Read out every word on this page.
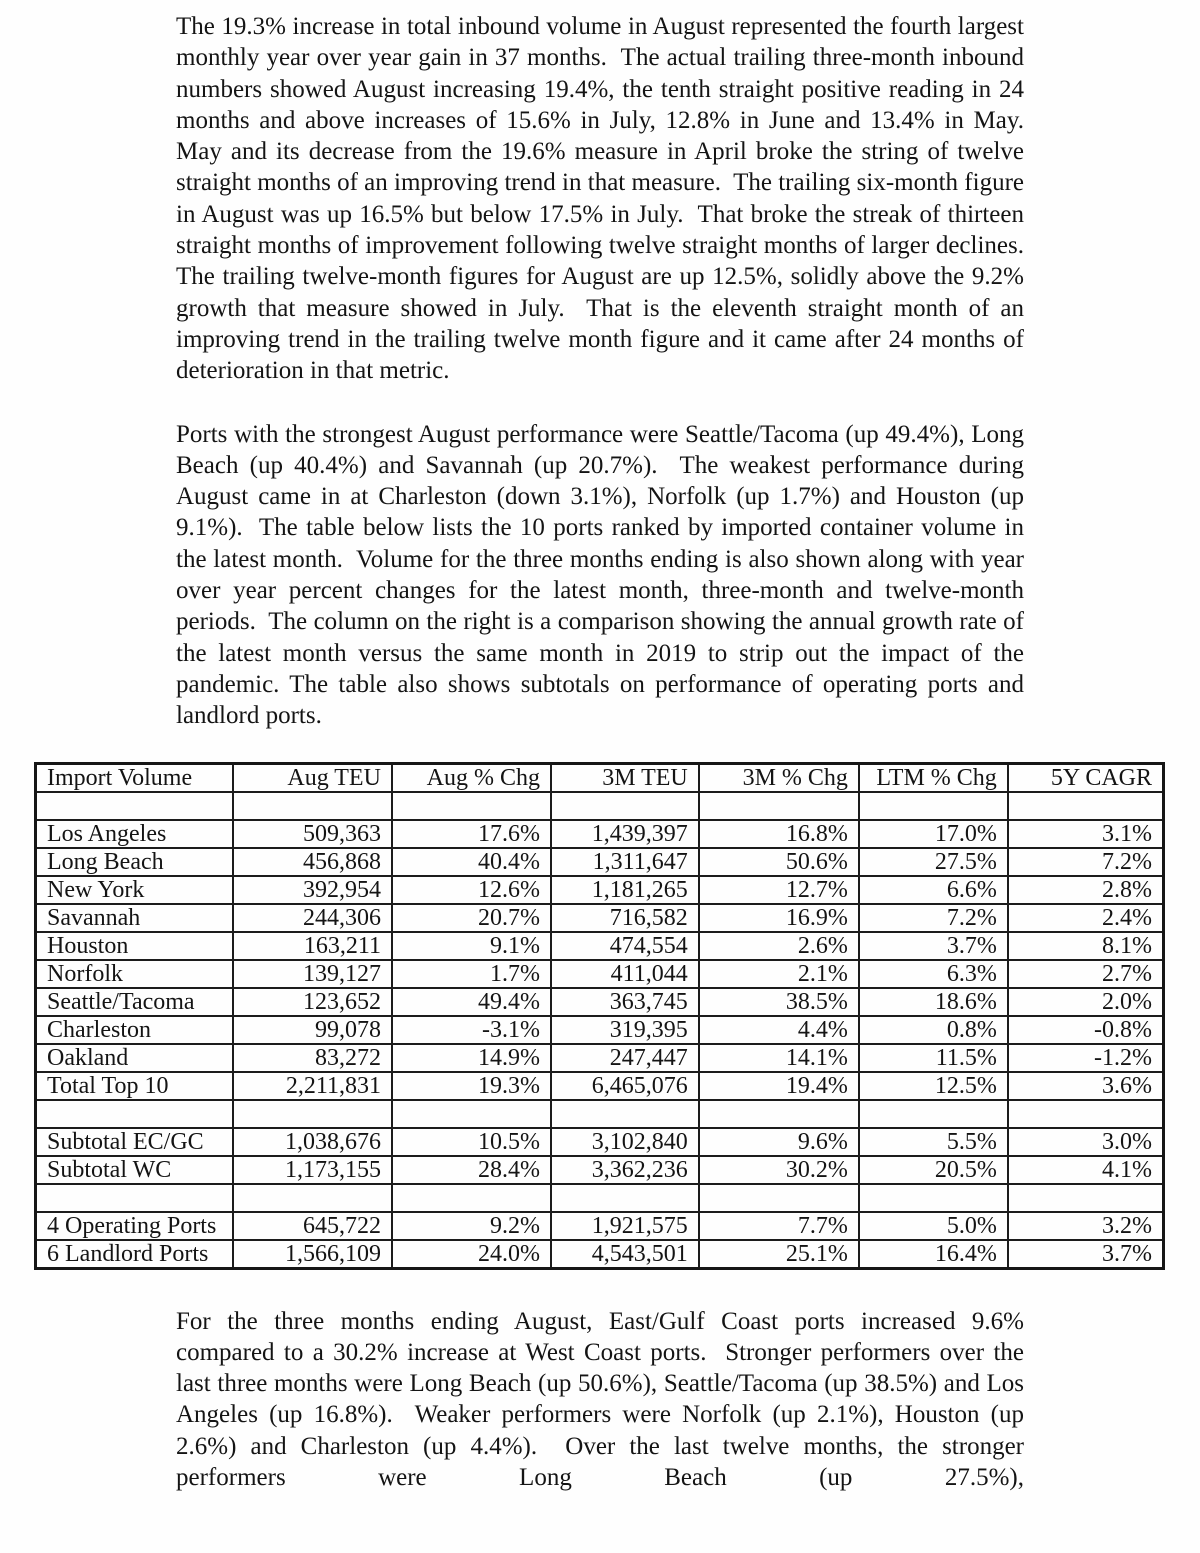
The 19.3% increase in total inbound volume in August represented the fourth largest monthly year over year gain in 37 months.  The actual trailing three-month inbound numbers showed August increasing 19.4%, the tenth straight positive reading in 24 months and above increases of 15.6% in July, 12.8% in June and 13.4% in May.  May and its decrease from the 19.6% measure in April broke the string of twelve straight months of an improving trend in that measure.  The trailing six-month figure in August was up 16.5% but below 17.5% in July.  That broke the streak of thirteen straight months of improvement following twelve straight months of larger declines.  The trailing twelve-month figures for August are up 12.5%, solidly above the 9.2% growth that measure showed in July.  That is the eleventh straight month of an improving trend in the trailing twelve month figure and it came after 24 months of deterioration in that metric.

Ports with the strongest August performance were Seattle/Tacoma (up 49.4%), Long Beach (up 40.4%) and Savannah (up 20.7%).  The weakest performance during August came in at Charleston (down 3.1%), Norfolk (up 1.7%) and Houston (up 9.1%).  The table below lists the 10 ports ranked by imported container volume in the latest month.  Volume for the three months ending is also shown along with year over year percent changes for the latest month, three-month and twelve-month periods.  The column on the right is a comparison showing the annual growth rate of the latest month versus the same month in 2019 to strip out the impact of the pandemic. The table also shows subtotals on performance of operating ports and landlord ports.

Import Volume	Aug TEU	Aug % Chg	3M TEU	3M % Chg	LTM % Chg	5Y CAGR

Los Angeles	509,363	17.6%	1,439,397	16.8%	17.0%	3.1%
Long Beach	456,868	40.4%	1,311,647	50.6%	27.5%	7.2%
New York	392,954	12.6%	1,181,265	12.7%	6.6%	2.8%
Savannah	244,306	20.7%	716,582	16.9%	7.2%	2.4%
Houston	163,211	9.1%	474,554	2.6%	3.7%	8.1%
Norfolk	139,127	1.7%	411,044	2.1%	6.3%	2.7%
Seattle/Tacoma	123,652	49.4%	363,745	38.5%	18.6%	2.0%
Charleston	99,078	-3.1%	319,395	4.4%	0.8%	-0.8%
Oakland	83,272	14.9%	247,447	14.1%	11.5%	-1.2%
Total Top 10	2,211,831	19.3%	6,465,076	19.4%	12.5%	3.6%

Subtotal EC/GC	1,038,676	10.5%	3,102,840	9.6%	5.5%	3.0%
Subtotal WC	1,173,155	28.4%	3,362,236	30.2%	20.5%	4.1%

4 Operating Ports	645,722	9.2%	1,921,575	7.7%	5.0%	3.2%
6 Landlord Ports	1,566,109	24.0%	4,543,501	25.1%	16.4%	3.7%

For the three months ending August, East/Gulf Coast ports increased 9.6% compared to a 30.2% increase at West Coast ports.  Stronger performers over the last three months were Long Beach (up 50.6%), Seattle/Tacoma (up 38.5%) and Los Angeles (up 16.8%).  Weaker performers were Norfolk (up 2.1%), Houston (up 2.6%) and Charleston (up 4.4%).  Over the last twelve months, the stronger performers were Long Beach (up 27.5%),
